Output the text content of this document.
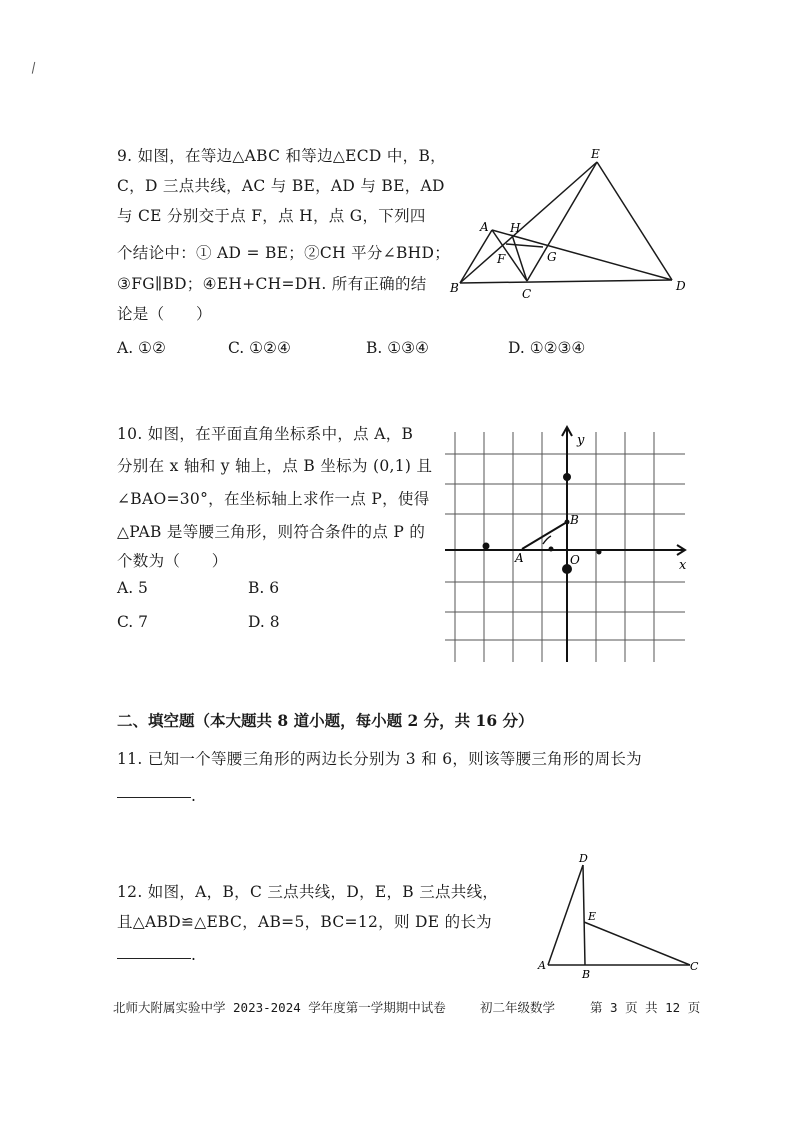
9. 如图，在等边△ABC 和等边△ECD 中，B，
C，D 三点共线，AC 与 BE，AD 与 BE，AD
与 CE 分别交于点 F，点 H，点 G，下列四
个结论中：① AD = BE；②CH 平分∠BHD；
③FG∥BD；④EH+CH=DH. 所有正确的结
论是（　　）
A. ①②	C. ①②④	B. ①③④	D. ①②③④
E
A H
F	G
B	C
D
10. 如图，在平面直角坐标系中，点 A，B
分别在 x 轴和 y 轴上，点 B 坐标为 (0,1) 且
∠BAO=30°，在坐标轴上求作一点 P，使得
△PAB 是等腰三角形，则符合条件的点 P 的
个数为（　　）
A. 5	B. 6
C. 7	D. 8
y
x
O
A
B
二、填空题（本大题共 8 道小题，每小题 2 分，共 16 分）
11. 已知一个等腰三角形的两边长分别为 3 和 6，则该等腰三角形的周长为
.
12. 如图，A，B，C 三点共线，D，E，B 三点共线，
且△ABD≌△EBC，AB=5，BC=12，则 DE 的长为
.
D
E
A
B
C
北师大附属实验中学 2023-2024 学年度第一学期期中试卷	初二年级数学	第 3 页 共 12 页
